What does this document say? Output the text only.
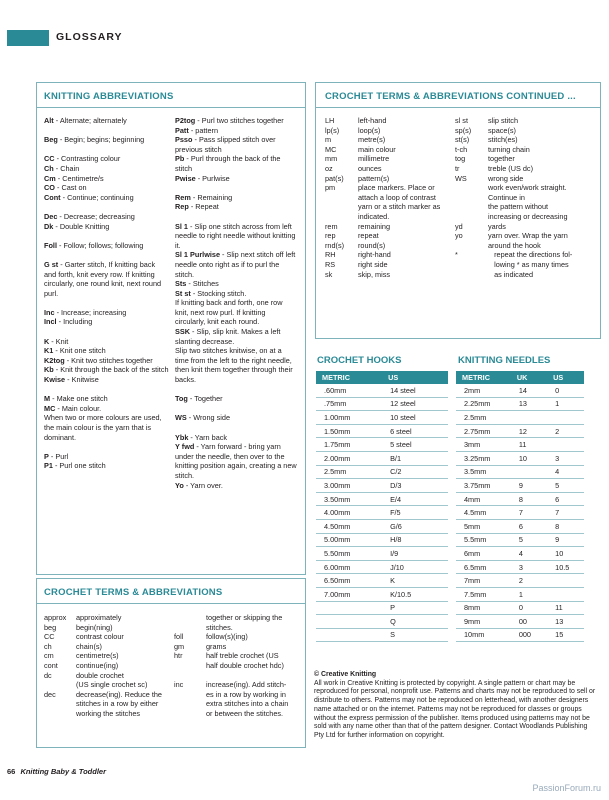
GLOSSARY
KNITTING ABBREVIATIONS
Alt - Alternate; alternately
Beg - Begin; begins; beginning
CC - Contrasting colour
Ch - Chain
Cm - Centimetre/s
CO - Cast on
Cont - Continue; continuing
Dec - Decrease; decreasing
Dk - Double Knitting
Foll - Follow; follows; following
G st - Garter stitch, If knitting back and forth, knit every row. If knitting circularly, one round knit, next round purl.
Inc - Increase; increasing
Incl - Including
K - Knit
K1 - Knit one stitch
K2tog - Knit two stitches together
Kb - Knit through the back of the stitch
Kwise - Knitwise
M - Make one stitch
MC - Main colour.
When two or more colours are used, the main colour is the yarn that is dominant.
P - Purl
P1 - Purl one stitch
P2tog - Purl two stitches together
Patt - pattern
Psso - Pass slipped stitch over previous stitch
Pb - Purl through the back of the stitch
Pwise - Purlwise
Rem - Remaining
Rep - Repeat
Sl 1 - Slip one stitch across from left needle to right needle without knitting it.
Sl 1 Purlwise - Slip next stitch off left needle onto right as if to purl the stitch.
Sts - Stitches
St st - Stocking stitch.
If knitting back and forth, one row knit, next row purl. If knitting circularly, knit each round.
SSK - Slip, slip knit. Makes a left slanting decrease.
Slip two stitches knitwise, on at a time from the left to the right needle, then knit them together through their backs.
Tog - Together
WS - Wrong side
Ybk - Yarn back
Y fwd - Yarn forward - bring yarn under the needle, then over to the knitting position again, creating a new stitch.
Yo - Yarn over.
CROCHET TERMS & ABBREVIATIONS
approx	approximately
beg	begin(ning)
CC	contrast colour
ch	chain(s)
cm	centimetre(s)
cont	continue(ing)
dc	double crochet
(US single crochet sc)
dec	decrease(ing). Reduce the
stitches in a row by either
working the stitches
together or skipping the
stitches.
foll	follow(s)(ing)
gm	grams
htr	half treble crochet (US
half double crochet hdc)

inc	increase(ing). Add stitch-
es in a row by working in
extra stitches into a chain
or between the stitches.
CROCHET TERMS & ABBREVIATIONS CONTINUED ...
LH	left-hand
lp(s)	loop(s)
m	metre(s)
MC	main colour
mm	millimetre
oz	ounces
pat(s)	pattern(s)
pm	place markers. Place or
attach a loop of contrast
yarn or a stitch marker as
indicated.
rem	remaining
rep	repeat
rnd(s)	round(s)
RH	right-hand
RS	right side
sk	skip, miss
sl st	slip stitch
sp(s)	space(s)
st(s)	stitch(es)
t-ch	turning chain
tog	together
tr	treble (US dc)
WS	wrong side
work even/work straight.
Continue in
the pattern without
increasing or decreasing
yd	yards
yo	yarn over. Wrap the yarn
around the hook
*	repeat the directions fol-
lowing * as many times
as indicated
CROCHET HOOKS
METRIC	US
.60mm	14 steel
.75mm	12 steel
1.00mm	10 steel
1.50mm	6 steel
1.75mm	5 steel
2.00mm	B/1
2.5mm	C/2
3.00mm	D/3
3.50mm	E/4
4.00mm	F/5
4.50mm	G/6
5.00mm	H/8
5.50mm	I/9
6.00mm	J/10
6.50mm	K
7.00mm	K/10.5
	P
	Q
	S
KNITTING NEEDLES
METRIC	UK	US
2mm	14	0
2.25mm	13	1
2.5mm		
2.75mm	12	2
3mm	11	
3.25mm	10	3
3.5mm		4
3.75mm	9	5
4mm	8	6
4.5mm	7	7
5mm	6	8
5.5mm	5	9
6mm	4	10
6.5mm	3	10.5
7mm	2	
7.5mm	1	
8mm	0	11
9mm	00	13
10mm	000	15
© Creative Knitting
All work in Creative Knitting is protected by copyright. A single pattern or chart may be reproduced for personal, nonprofit use. Patterns and charts may not be reproduced to sell or distribute to others. Patterns may not be reproduced on letterhead, with another designers name attached or on the internet. Patterns may not be reproduced for classes or groups without the express permission of the publisher. Items produced using patterns may not be sold with any name other than that of the pattern designer. Contact Woodlands Publishing Pty Ltd for further information on copyright.
66 Knitting Baby & Toddler
PassionForum.ru
